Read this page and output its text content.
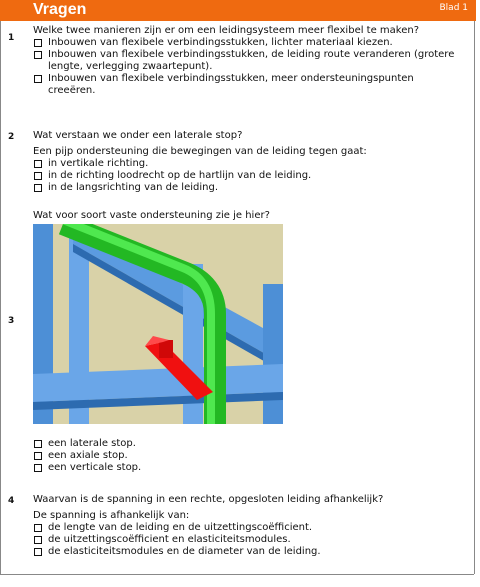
Vragen	Blad 1
1
Welke twee manieren zijn er om een leidingsysteem meer flexibel te maken?
Inbouwen van flexibele verbindingsstukken, lichter materiaal kiezen.
Inbouwen van flexibele verbindingsstukken, de leiding route veranderen (grotere lengte, verlegging zwaartepunt).
Inbouwen van flexibele verbindingsstukken, meer ondersteuningspunten creeëren.
2	Wat verstaan we onder een laterale stop?
Een pijp ondersteuning die bewegingen van de leiding tegen gaat:
in vertikale richting.
in de richting loodrecht op de hartlijn van de leiding.
in de langsrichting van de leiding.
3
Wat voor soort vaste ondersteuning zie je hier?
een laterale stop.
een axiale stop.
een verticale stop.
4	Waarvan is de spanning in een rechte, opgesloten leiding afhankelijk?
De spanning is afhankelijk van:
de lengte van de leiding en de uitzettingscoëfficient.
de uitzettingscoëfficient en elasticiteitsmodules.
de elasticiteitsmodules en de diameter van de leiding.
